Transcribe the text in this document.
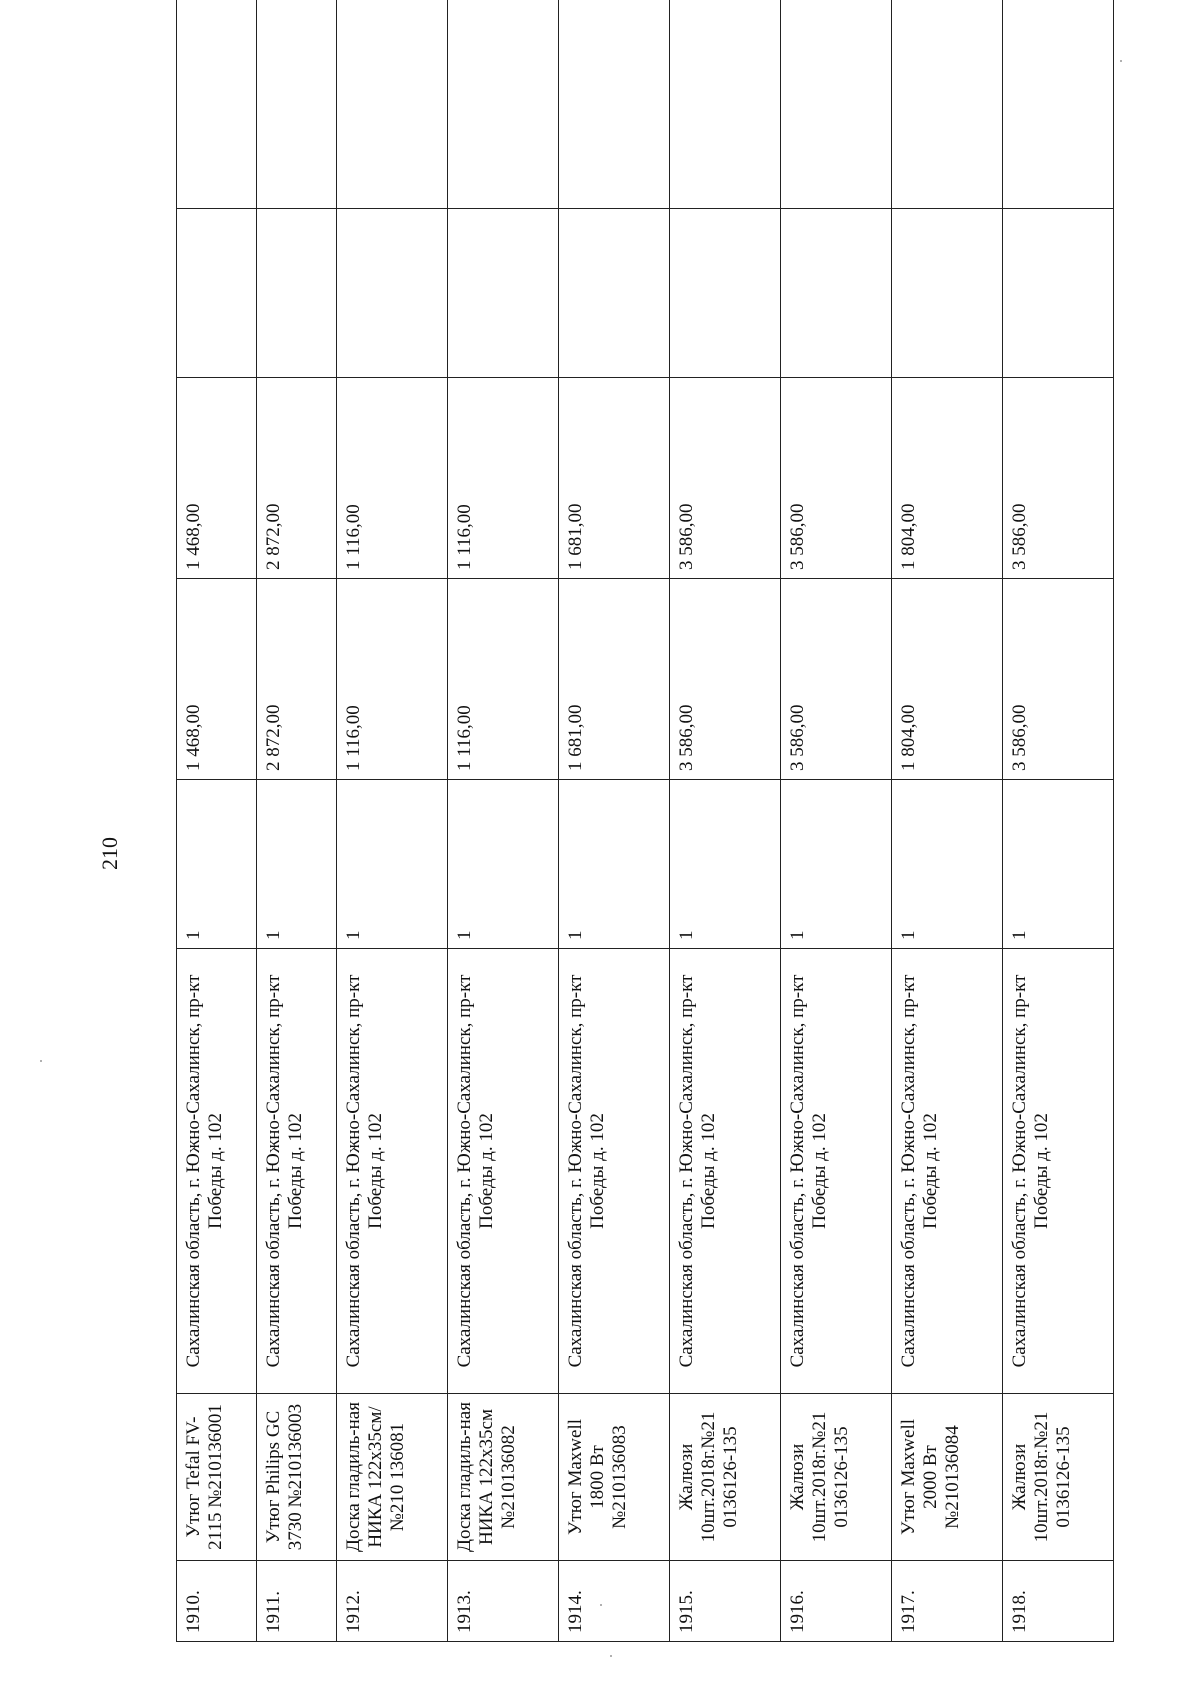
210
1910.	Утюг Tefal FV-2115 №210136001	Сахалинская область, г. Южно-Сахалинск, пр-кт Победы д. 102	1	1 468,00	1 468,00		
1911.	Утюг Philips GC 3730 №210136003	Сахалинская область, г. Южно-Сахалинск, пр-кт Победы д. 102	1	2 872,00	2 872,00		
1912.	Доска гладиль-ная НИКА 122x35см/№210 136081	Сахалинская область, г. Южно-Сахалинск, пр-кт Победы д. 102	1	1 116,00	1 116,00		
1913.	Доска гладиль-ная НИКА 122x35см №210136082	Сахалинская область, г. Южно-Сахалинск, пр-кт Победы д. 102	1	1 116,00	1 116,00		
1914.	Утюг Maxwell 1800 Вт №210136083	Сахалинская область, г. Южно-Сахалинск, пр-кт Победы д. 102	1	1 681,00	1 681,00		
1915.	Жалюзи 10шт.2018г.№21 0136126-135	Сахалинская область, г. Южно-Сахалинск, пр-кт Победы д. 102	1	3 586,00	3 586,00		
1916.	Жалюзи 10шт.2018г.№21 0136126-135	Сахалинская область, г. Южно-Сахалинск, пр-кт Победы д. 102	1	3 586,00	3 586,00		
1917.	Утюг Maxwell 2000 Вт №210136084	Сахалинская область, г. Южно-Сахалинск, пр-кт Победы д. 102	1	1 804,00	1 804,00		
1918.	Жалюзи 10шт.2018г.№21 0136126-135	Сахалинская область, г. Южно-Сахалинск, пр-кт Победы д. 102	1	3 586,00	3 586,00		
